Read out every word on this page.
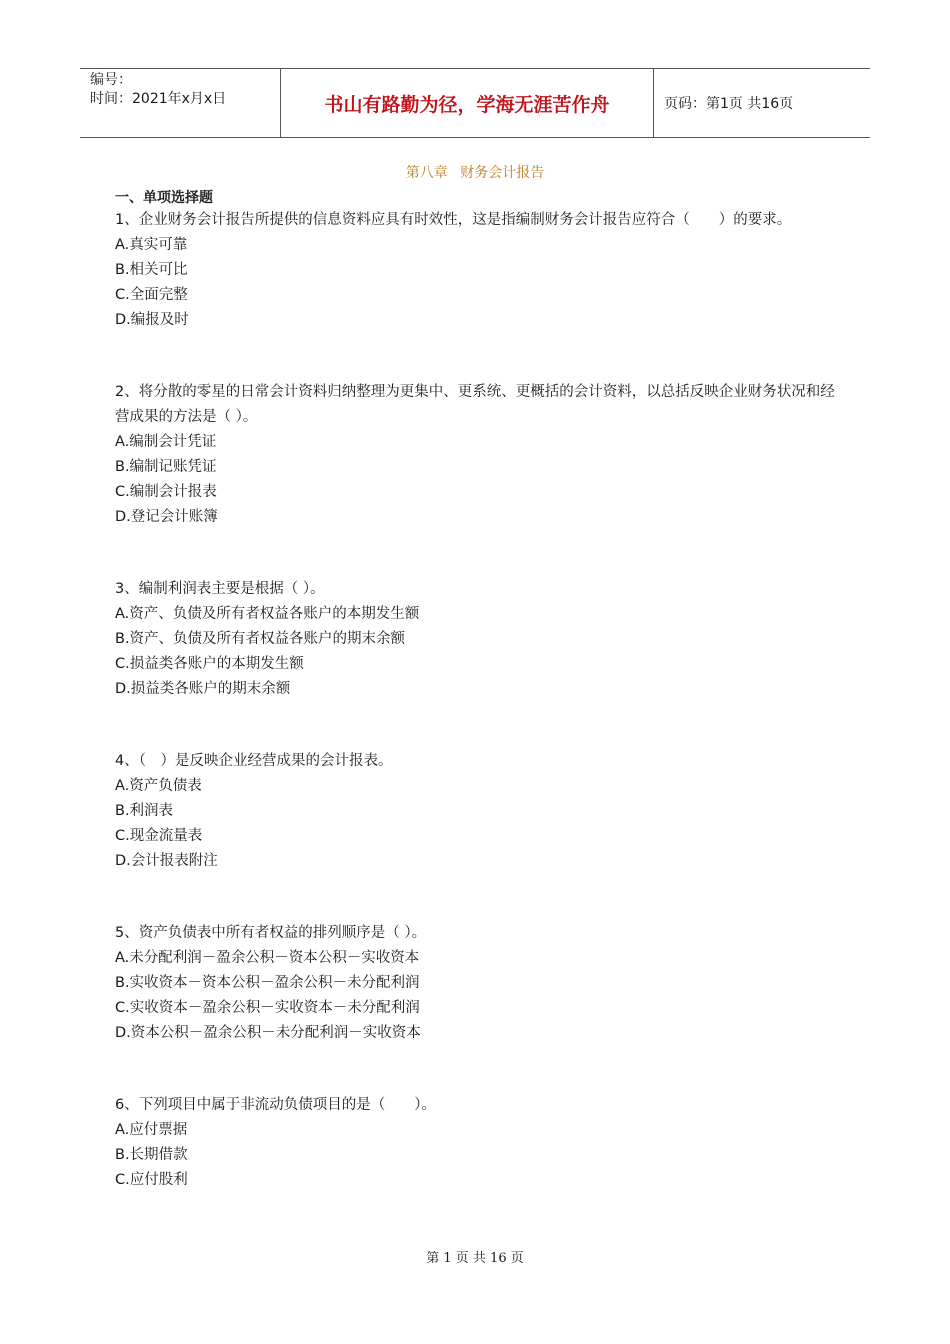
编号：
时间：2021年x月x日	书山有路勤为径，学海无涯苦作舟	页码：第1页 共16页
第八章 财务会计报告
一、单项选择题
1、企业财务会计报告所提供的信息资料应具有时效性，这是指编制财务会计报告应符合（　　）的要求。
A.真实可靠
B.相关可比
C.全面完整
D.编报及时
2、将分散的零星的日常会计资料归纳整理为更集中、更系统、更概括的会计资料，以总括反映企业财务状况和经营成果的方法是（ ）。
A.编制会计凭证
B.编制记账凭证
C.编制会计报表
D.登记会计账簿
3、编制利润表主要是根据（ ）。
A.资产、负债及所有者权益各账户的本期发生额
B.资产、负债及所有者权益各账户的期末余额
C.损益类各账户的本期发生额
D.损益类各账户的期末余额
4、（　）是反映企业经营成果的会计报表。
A.资产负债表
B.利润表
C.现金流量表
D.会计报表附注
5、资产负债表中所有者权益的排列顺序是（ ）。
A.未分配利润－盈余公积－资本公积－实收资本
B.实收资本－资本公积－盈余公积－未分配利润
C.实收资本－盈余公积－实收资本－未分配利润
D.资本公积－盈余公积－未分配利润－实收资本
6、下列项目中属于非流动负债项目的是（　　）。
A.应付票据
B.长期借款
C.应付股利
第 1 页 共 16 页
